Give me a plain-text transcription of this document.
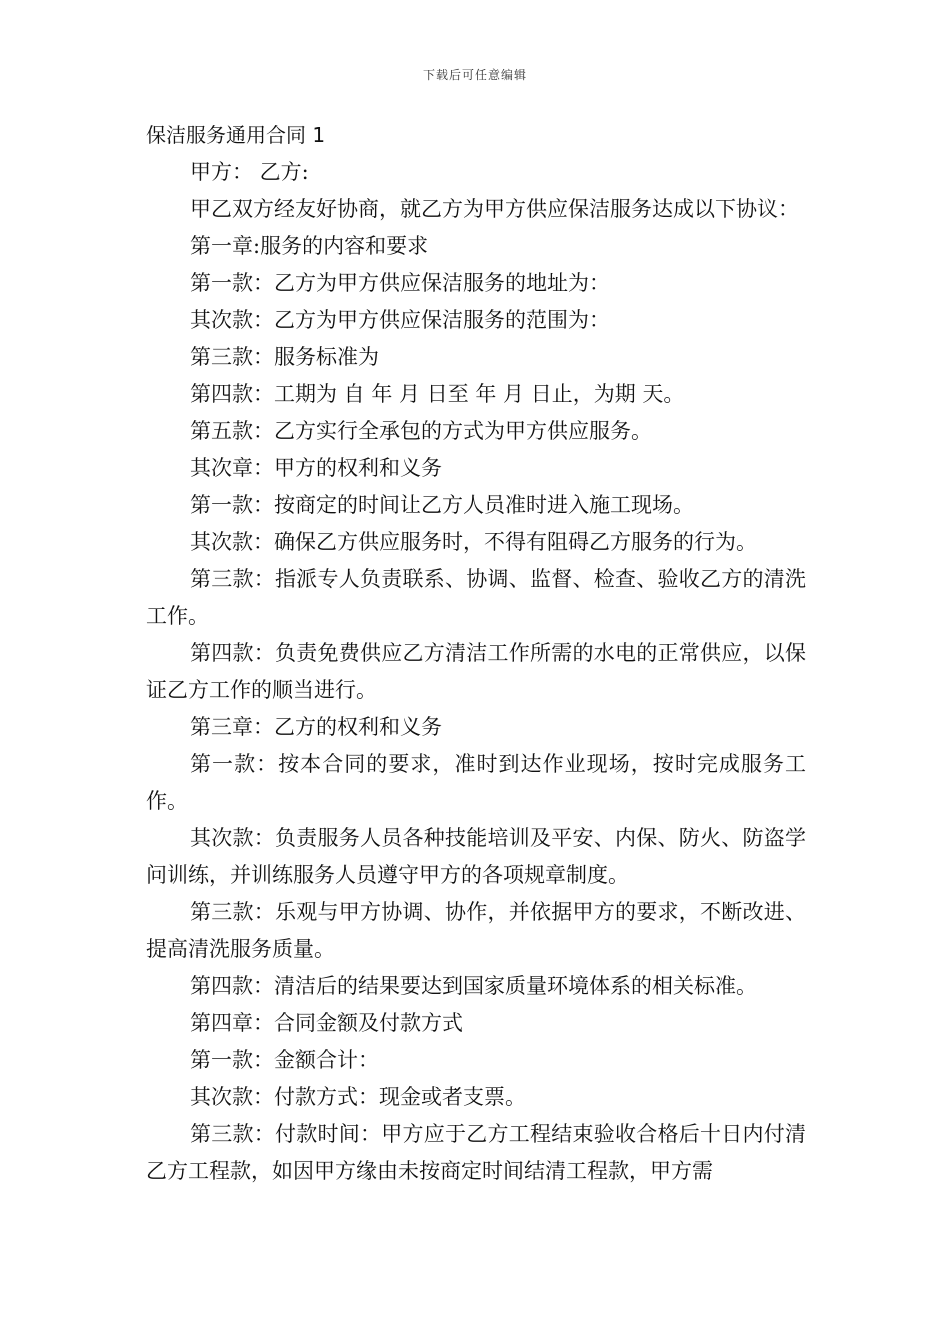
下载后可任意编辑

保洁服务通用合同 1

甲方： 乙方:

甲乙双方经友好协商，就乙方为甲方供应保洁服务达成以下协议：

第一章:服务的内容和要求

第一款：乙方为甲方供应保洁服务的地址为：

其次款：乙方为甲方供应保洁服务的范围为：

第三款：服务标准为

第四款：工期为 自 年 月 日至 年 月 日止，为期 天。

第五款：乙方实行全承包的方式为甲方供应服务。

其次章：甲方的权利和义务

第一款：按商定的时间让乙方人员准时进入施工现场。

其次款：确保乙方供应服务时，不得有阻碍乙方服务的行为。

第三款：指派专人负责联系、协调、监督、检查、验收乙方的清洗工作。

第四款：负责免费供应乙方清洁工作所需的水电的正常供应，以保证乙方工作的顺当进行。

第三章：乙方的权利和义务

第一款：按本合同的要求，准时到达作业现场，按时完成服务工作。

其次款：负责服务人员各种技能培训及平安、内保、防火、防盗学问训练，并训练服务人员遵守甲方的各项规章制度。

第三款：乐观与甲方协调、协作，并依据甲方的要求，不断改进、提高清洗服务质量。

第四款：清洁后的结果要达到国家质量环境体系的相关标准。

第四章：合同金额及付款方式

第一款：金额合计：

其次款：付款方式：现金或者支票。

第三款：付款时间：甲方应于乙方工程结束验收合格后十日内付清乙方工程款，如因甲方缘由未按商定时间结清工程款，甲方需
